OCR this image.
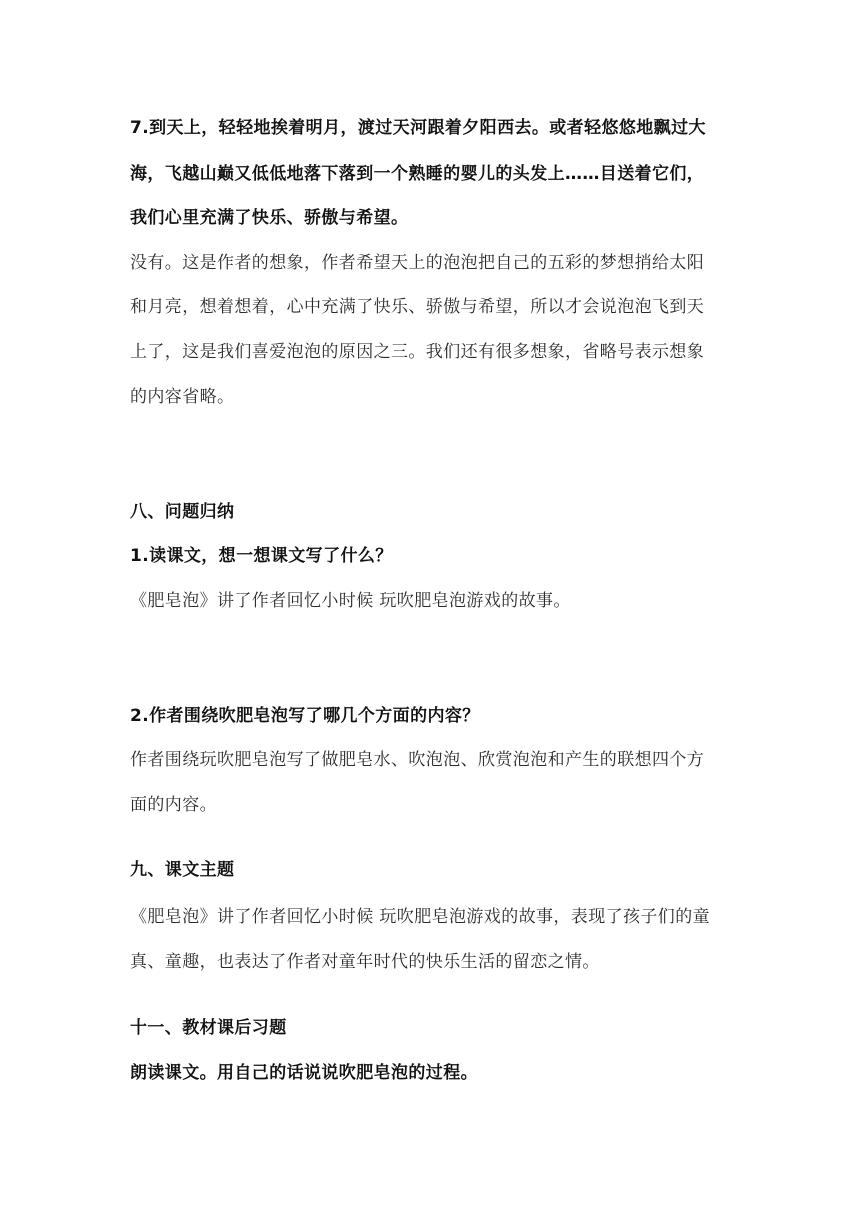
7.到天上，轻轻地挨着明月，渡过天河跟着夕阳西去。或者轻悠悠地飘过大
海，飞越山巅又低低地落下落到一个熟睡的婴儿的头发上……目送着它们，
我们心里充满了快乐、骄傲与希望。
没有。这是作者的想象，作者希望天上的泡泡把自己的五彩的梦想捎给太阳
和月亮，想着想着，心中充满了快乐、骄傲与希望，所以才会说泡泡飞到天
上了，这是我们喜爱泡泡的原因之三。我们还有很多想象，省略号表示想象
的内容省略。
八、问题归纳
1.读课文，想一想课文写了什么？
《肥皂泡》讲了作者回忆小时候 玩吹肥皂泡游戏的故事。
2.作者围绕吹肥皂泡写了哪几个方面的内容？
作者围绕玩吹肥皂泡写了做肥皂水、吹泡泡、欣赏泡泡和产生的联想四个方
面的内容。
九、课文主题
《肥皂泡》讲了作者回忆小时候 玩吹肥皂泡游戏的故事，表现了孩子们的童
真、童趣，也表达了作者对童年时代的快乐生活的留恋之情。
十一、教材课后习题
朗读课文。用自己的话说说吹肥皂泡的过程。
